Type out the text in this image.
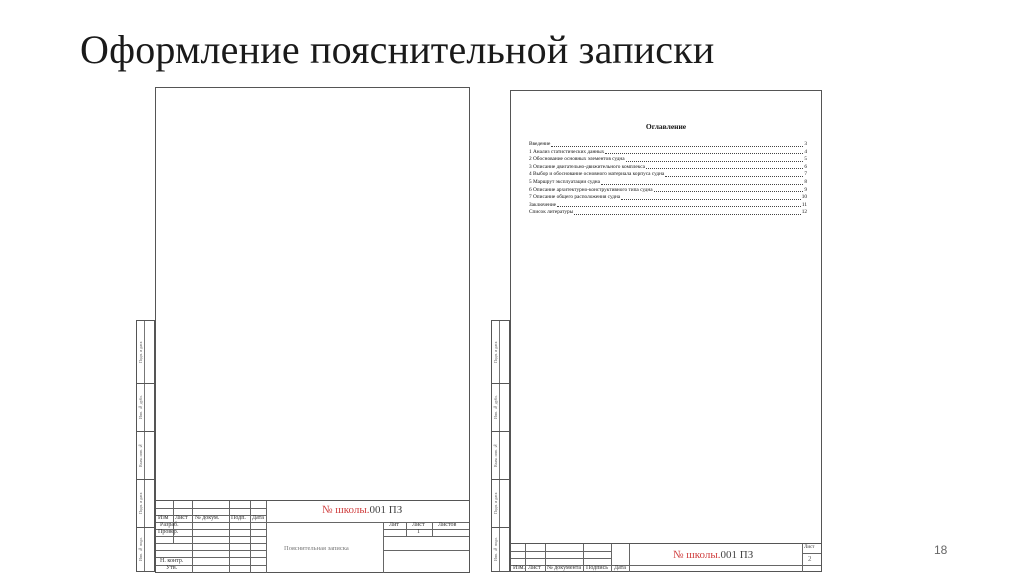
Оформление пояснительной записки
Подп. и дата
Инв. № дубл.
Взам. инв. №
Подп. и дата
Инв. № подл.
Изм Лист № докум. Подп. Дата
Разраб.
Провер.
Н. контр.
Утв.
№ школы.001 ПЗ
Пояснительная записка
Лит Лист Листов
1
Подп. и дата
Инв. № дубл.
Взам. инв. №
Подп. и дата
Инв. № подл.
Оглавление
Введение	3
1 Анализ статистических данных	4
2 Обоснование основных элементов судна	5
3 Описание двигательно-движительного комплекса	6
4 Выбор и обоснование основного материала корпуса судна	7
5 Маршрут эксплуатации судна	8
6 Описание архитектурно-конструктивного типа судна	9
7 Описание общего расположения судна	10
Заключение	11
Список литературы	12
Изм. Лист № документа Подпись Дата
№ школы.001 ПЗ
Лист
2
18
